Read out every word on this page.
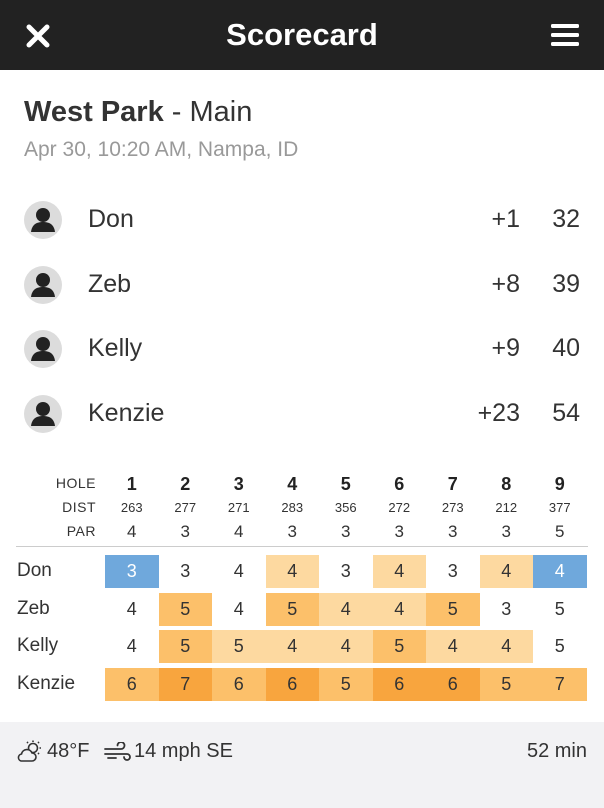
Scorecard
West Park - Main
Apr 30, 10:20 AM, Nampa, ID
Don	+1 32
Zeb	+8 39
Kelly	+9 40
Kenzie	+23 54
HOLE	1	2	3	4	5	6	7	8	9
DIST	263	277	271	283	356	272	273	212	377
PAR	4	3	4	3	3	3	3	3	5
Don	3	3	4	4	3	4	3	4	4
Zeb	4	5	4	5	4	4	5	3	5
Kelly	4	5	5	4	4	5	4	4	5
Kenzie	6	7	6	6	5	6	6	5	7
48°F 14 mph SE	52 min
